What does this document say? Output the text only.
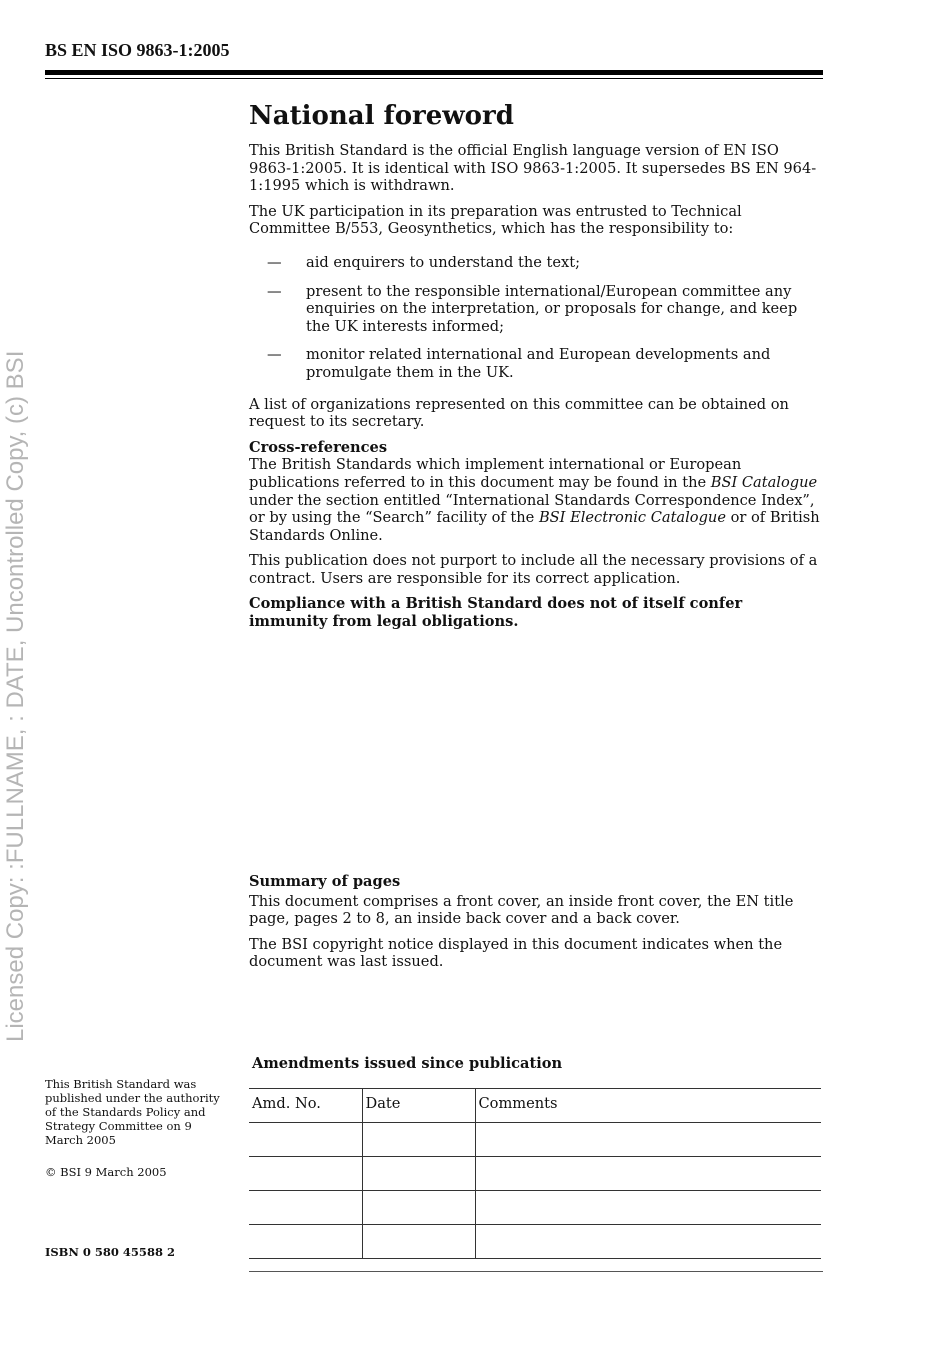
BS EN ISO 9863-1:2005
Licensed Copy: :FULLNAME, : DATE, Uncontrolled Copy, (c) BSI
National foreword

This British Standard is the official English language version of EN ISO 9863-1:2005. It is identical with ISO 9863-1:2005. It supersedes BS EN 964-1:1995 which is withdrawn.

The UK participation in its preparation was entrusted to Technical Committee B/553, Geosynthetics, which has the responsibility to:

— aid enquirers to understand the text;
— present to the responsible international/European committee any enquiries on the interpretation, or proposals for change, and keep the UK interests informed;
— monitor related international and European developments and promulgate them in the UK.

A list of organizations represented on this committee can be obtained on request to its secretary.

Cross-references

The British Standards which implement international or European publications referred to in this document may be found in the BSI Catalogue under the section entitled “International Standards Correspondence Index”, or by using the “Search” facility of the BSI Electronic Catalogue or of British Standards Online.

This publication does not purport to include all the necessary provisions of a contract. Users are responsible for its correct application.

Compliance with a British Standard does not of itself confer immunity from legal obligations.

Summary of pages

This document comprises a front cover, an inside front cover, the EN title page, pages 2 to 8, an inside back cover and a back cover.

The BSI copyright notice displayed in this document indicates when the document was last issued.

This British Standard was published under the authority of the Standards Policy and Strategy Committee on 9 March 2005

© BSI 9 March 2005

ISBN 0 580 45588 2
Amendments issued since publication
Amd. No.	Date	Comments
